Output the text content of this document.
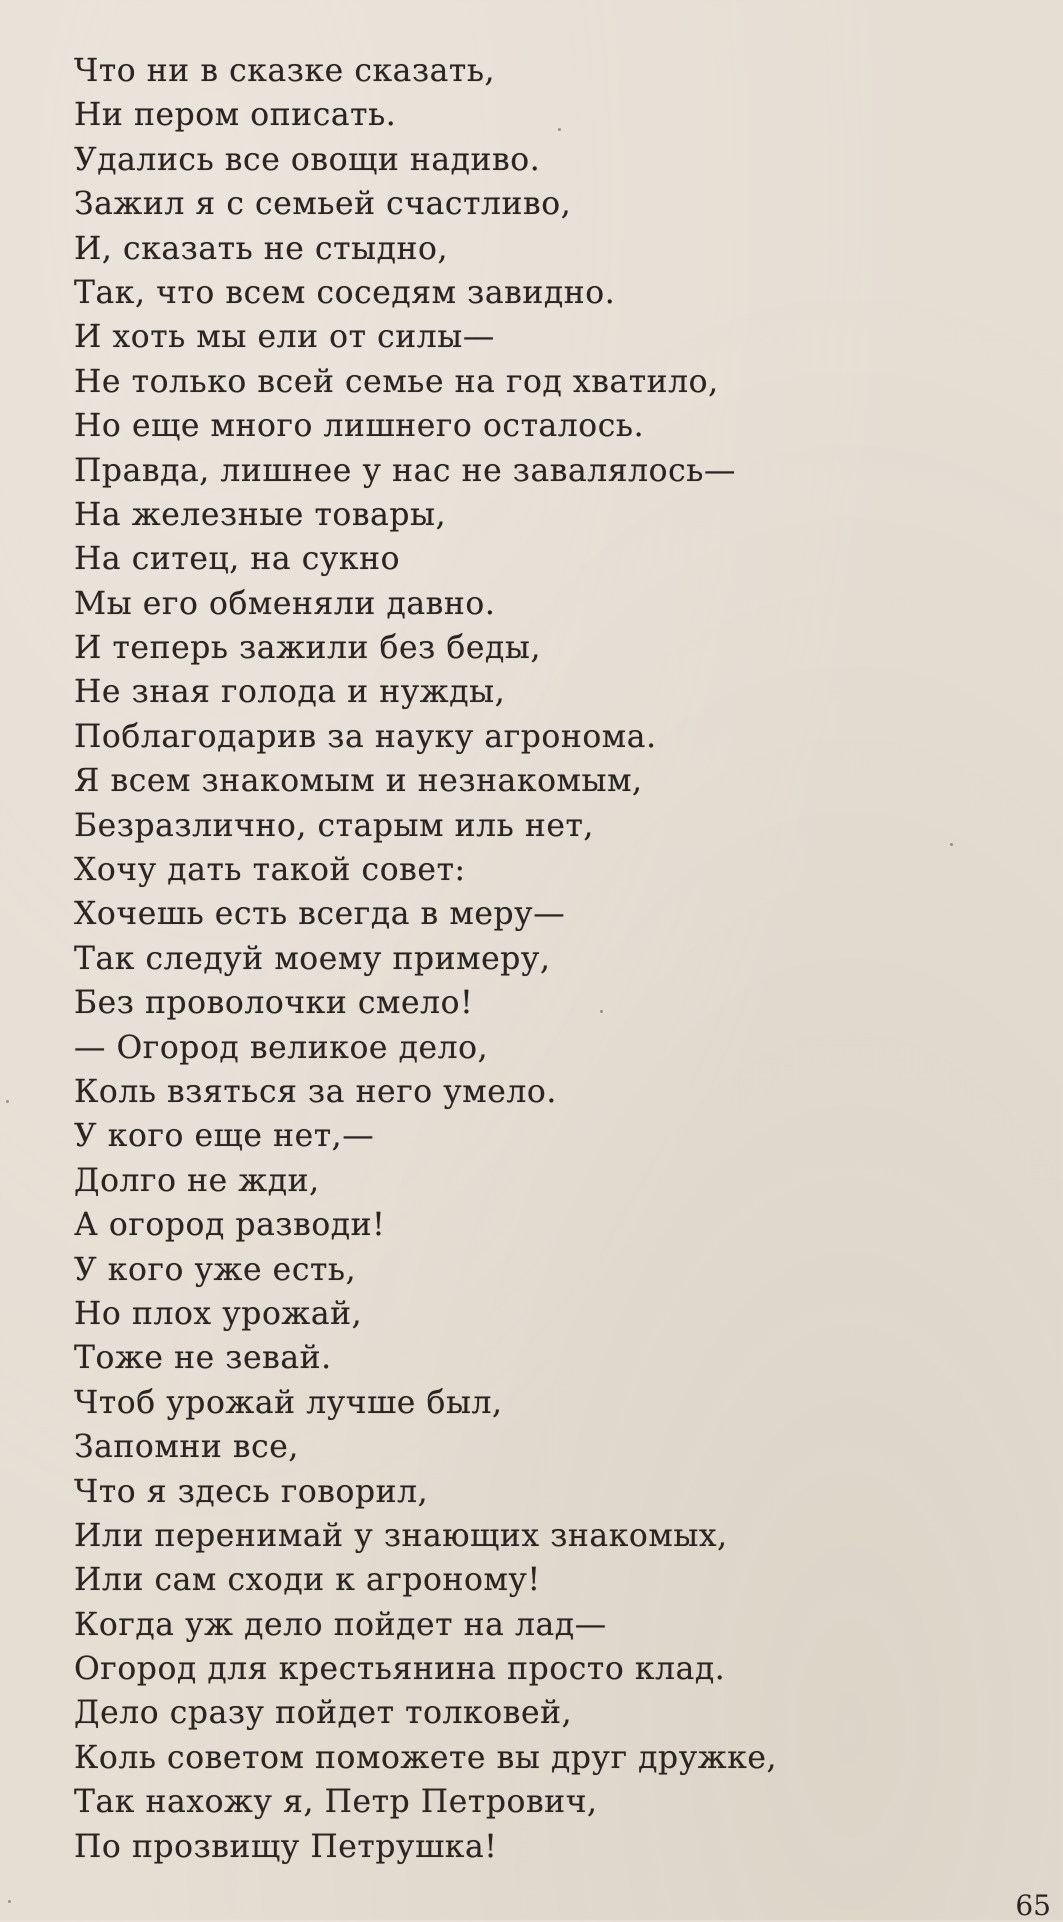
Что ни в сказке сказать,
Ни пером описать.
Удались все овощи надиво.
Зажил я с семьей счастливо,
И, сказать не стыдно,
Так, что всем соседям завидно.
И хоть мы ели от силы—
Не только всей семье на год хватило,
Но еще много лишнего осталось.
Правда, лишнее у нас не завалялось—
На железные товары,
На ситец, на сукно
Мы его обменяли давно.
И теперь зажили без беды,
Не зная голода и нужды,
Поблагодарив за науку агронома.
Я всем знакомым и незнакомым,
Безразлично, старым иль нет,
Хочу дать такой совет:
Хочешь есть всегда в меру—
Так следуй моему примеру,
Без проволочки смело!
— Огород великое дело,
Коль взяться за него умело.
У кого еще нет,—
Долго не жди,
А огород разводи!
У кого уже есть,
Но плох урожай,
Тоже не зевай.
Чтоб урожай лучше был,
Запомни все,
Что я здесь говорил,
Или перенимай у знающих знакомых,
Или сам сходи к агроному!
Когда уж дело пойдет на лад—
Огород для крестьянина просто клад.
Дело сразу пойдет толковей,
Коль советом поможете вы друг дружке,
Так нахожу я, Петр Петрович,
По прозвищу Петрушка!
65
